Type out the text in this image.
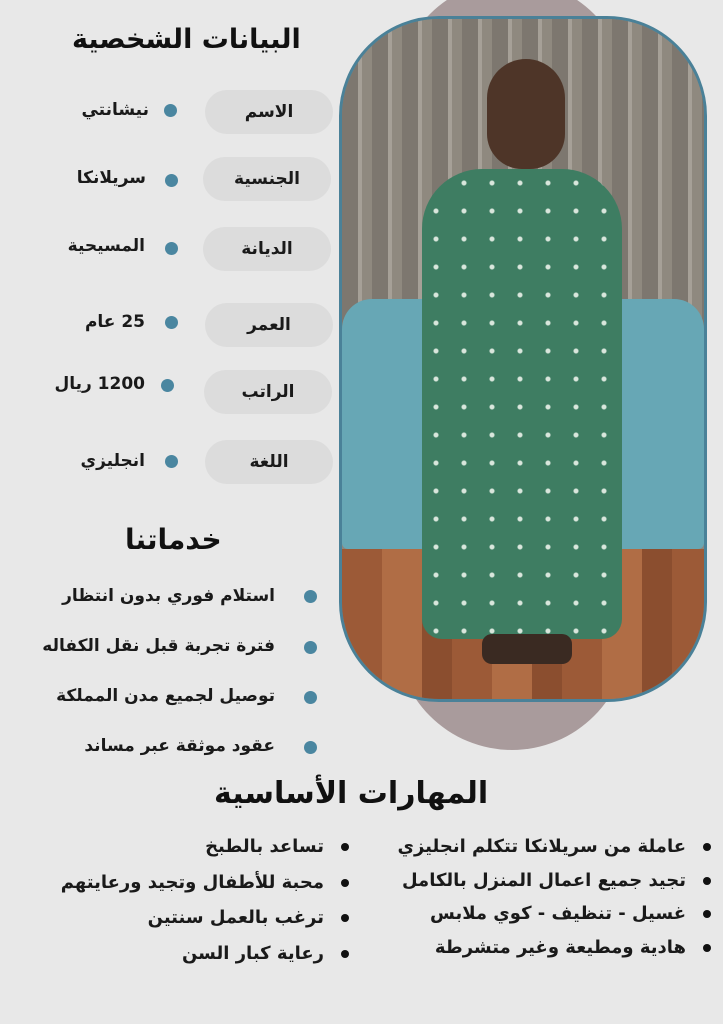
البيانات الشخصية
الاسم
نيشانتي
الجنسية
سريلانكا
الديانة
المسيحية
العمر
25 عام
الراتب
1200 ريال
اللغة
انجليزي
خدماتنا
استلام فوري بدون انتظار
فترة تجربة قبل نقل الكفاله
توصيل لجميع مدن المملكة
عقود موثقة عبر مساند
المهارات الأساسية
عاملة من سريلانكا تتكلم انجليزي
تجيد جميع اعمال المنزل بالكامل
غسيل - تنظيف - كوي ملابس
هادية ومطيعة وغير متشرطة
تساعد بالطبخ
محبة للأطفال وتجيد ورعايتهم
ترغب بالعمل سنتين
رعاية كبار السن
